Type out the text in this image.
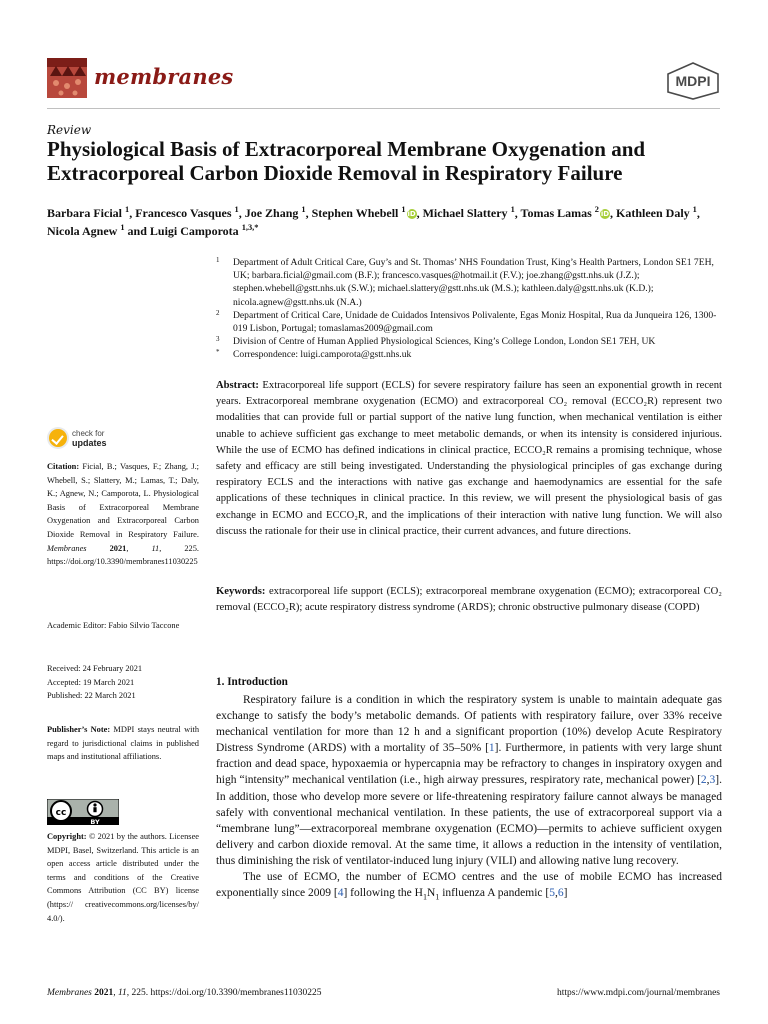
membranes	MDPI
Review
Physiological Basis of Extracorporeal Membrane Oxygenation and Extracorporeal Carbon Dioxide Removal in Respiratory Failure
Barbara Ficial $^1$, Francesco Vasques $^1$, Joe Zhang $^1$, Stephen Whebell $^1$ iD, Michael Slattery $^1$, Tomas Lamas $^2$ iD, Kathleen Daly $^1$, Nicola Agnew $^1$ and Luigi Camporota $^{1,3,*}$
1 Department of Adult Critical Care, Guy’s and St. Thomas’ NHS Foundation Trust, King’s Health Partners, London SE1 7EH, UK; barbara.ficial@gmail.com (B.F.); francesco.vasques@hotmail.it (F.V.); joe.zhang@gstt.nhs.uk (J.Z.); stephen.whebell@gstt.nhs.uk (S.W.); michael.slattery@gstt.nhs.uk (M.S.); kathleen.daly@gstt.nhs.uk (K.D.); nicola.agnew@gstt.nhs.uk (N.A.)
2 Department of Critical Care, Unidade de Cuidados Intensivos Polivalente, Egas Moniz Hospital, Rua da Junqueira 126, 1300-019 Lisbon, Portugal; tomaslamas2009@gmail.com
3 Division of Centre of Human Applied Physiological Sciences, King’s College London, London SE1 7EH, UK
* Correspondence: luigi.camporota@gstt.nhs.uk
Abstract: Extracorporeal life support (ECLS) for severe respiratory failure has seen an exponential growth in recent years. Extracorporeal membrane oxygenation (ECMO) and extracorporeal CO₂ removal (ECCO₂R) represent two modalities that can provide full or partial support of the native lung function, when mechanical ventilation is either unable to achieve sufficient gas exchange to meet metabolic demands, or when its intensity is considered injurious. While the use of ECMO has defined indications in clinical practice, ECCO₂R remains a promising technique, whose safety and efficacy are still being investigated. Understanding the physiological principles of gas exchange during respiratory ECLS and the interactions with native gas exchange and haemodynamics are essential for the safe applications of these techniques in clinical practice. In this review, we will present the physiological basis of gas exchange in ECMO and ECCO₂R, and the implications of their interaction with native lung function. We will also discuss the rationale for their use in clinical practice, their current advances, and future directions.
Keywords: extracorporeal life support (ECLS); extracorporeal membrane oxygenation (ECMO); extracorporeal CO₂ removal (ECCO₂R); acute respiratory distress syndrome (ARDS); chronic obstructive pulmonary disease (COPD)
check for
updates
Citation: Ficial, B.; Vasques, F.; Zhang, J.; Whebell, S.; Slattery, M.; Lamas, T.; Daly, K.; Agnew, N.; Camporota, L. Physiological Basis of Extracorporeal Membrane Oxygenation and Extracorporeal Carbon Dioxide Removal in Respiratory Failure. Membranes	2021, 11, 225. https://doi.org/10.3390/membranes11030225
Academic Editor: Fabio Silvio Taccone
Received: 24 February 2021
Accepted: 19 March 2021
Published: 22 March 2021
Publisher’s Note: MDPI stays neutral with regard to jurisdictional claims in published maps and institutional affiliations.
cc
BY
Copyright: © 2021 by the authors. Licensee MDPI, Basel, Switzerland. This article is an open access article distributed under the terms and conditions of the Creative Commons Attribution (CC BY) license (https:// creativecommons.org/licenses/by/ 4.0/).
1. Introduction

Respiratory failure is a condition in which the respiratory system is unable to maintain adequate gas exchange to satisfy the body’s metabolic demands. Of patients with respiratory failure, over 33% receive mechanical ventilation for more than 12 h and a significant proportion (10%) develop Acute Respiratory Distress Syndrome (ARDS) with a mortality of 35–50% [1]. Furthermore, in patients with very large shunt fraction and dead space, hypoxaemia or hypercapnia may be refractory to changes in inspiratory oxygen and high “intensity” mechanical ventilation (i.e., high airway pressures, respiratory rate, mechanical power) [2,3]. In addition, those who develop more severe or life-threatening respiratory failure cannot always be managed safely with conventional mechanical ventilation. In these patients, the use of extracorporeal support via a “membrane lung”—extracorporeal membrane oxygenation (ECMO)—permits to achieve sufficient oxygen delivery and carbon dioxide removal. At the same time, it allows a reduction in the intensity of ventilation, thus diminishing the risk of ventilator-induced lung injury (VILI) and allowing native lung recovery.

The use of ECMO, the number of ECMO centres and the use of mobile ECMO has increased exponentially since 2009 [4] following the $H_1N_1$ influenza A pandemic [5,6]

Membranes 2021, 11, 225. https://doi.org/10.3390/membranes11030225	https://www.mdpi.com/journal/membranes
